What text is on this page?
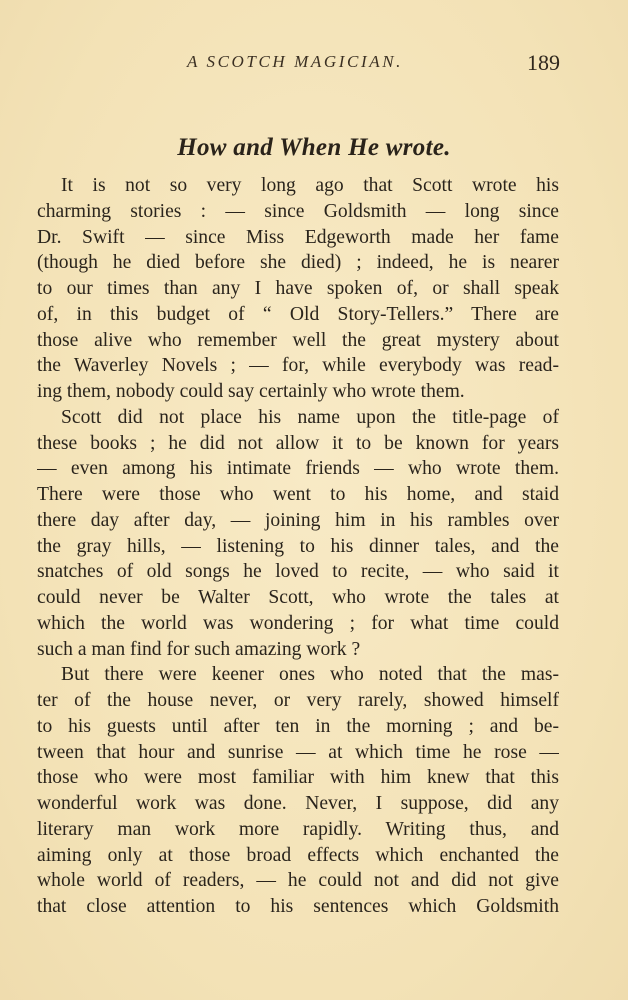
A SCOTCH MAGICIAN.	189
How and When He wrote.
It is not so very long ago that Scott wrote his
charming stories : — since Goldsmith — long since
Dr. Swift — since Miss Edgeworth made her fame
(though he died before she died) ; indeed, he is nearer
to our times than any I have spoken of, or shall speak
of, in this budget of “ Old Story-Tellers.” There are
those alive who remember well the great mystery about
the Waverley Novels ; — for, while everybody was read-
ing them, nobody could say certainly who wrote them.
Scott did not place his name upon the title-page of
these books ; he did not allow it to be known for years
— even among his intimate friends — who wrote them.
There were those who went to his home, and staid
there day after day, — joining him in his rambles over
the gray hills, — listening to his dinner tales, and the
snatches of old songs he loved to recite, — who said it
could never be Walter Scott, who wrote the tales at
which the world was wondering ; for what time could
such a man find for such amazing work ?
But there were keener ones who noted that the mas-
ter of the house never, or very rarely, showed himself
to his guests until after ten in the morning ; and be-
tween that hour and sunrise — at which time he rose —
those who were most familiar with him knew that this
wonderful work was done. Never, I suppose, did any
literary man work more rapidly. Writing thus, and
aiming only at those broad effects which enchanted the
whole world of readers, — he could not and did not give
that close attention to his sentences which Goldsmith
